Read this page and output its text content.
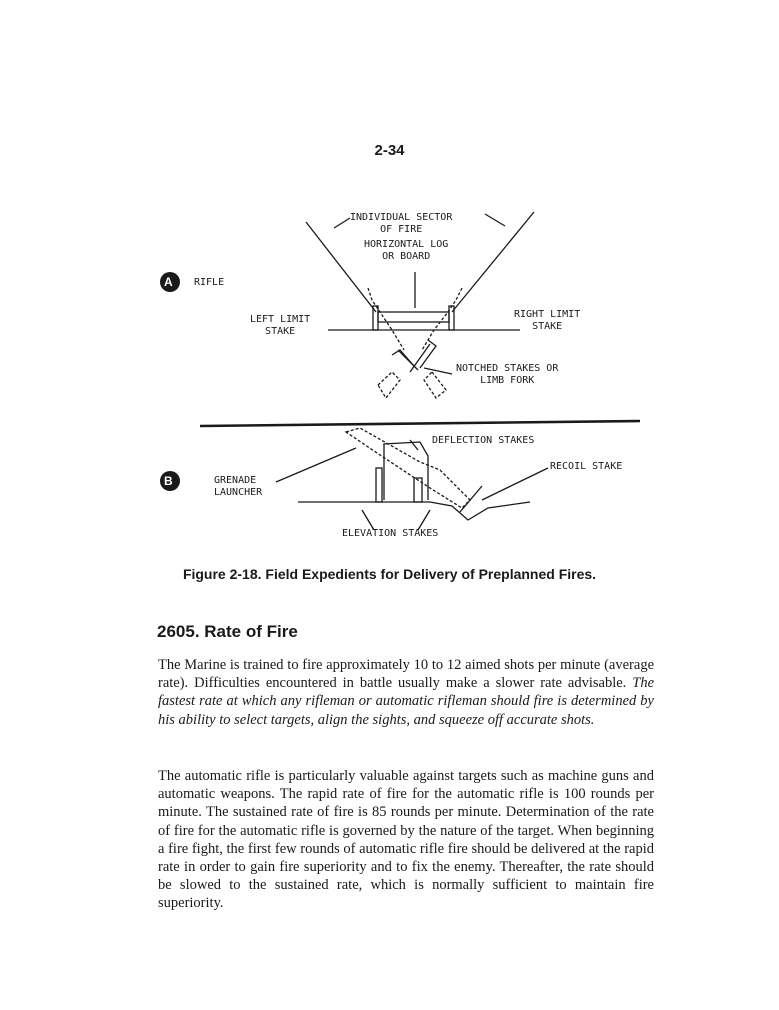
2-34
A
B
RIFLE
INDIVIDUAL SECTOR
OF FIRE
HORIZONTAL LOG
OR BOARD
LEFT LIMIT
STAKE
RIGHT LIMIT
STAKE
NOTCHED STAKES OR
LIMB FORK
GRENADE
LAUNCHER
DEFLECTION STAKES
RECOIL STAKE
ELEVATION STAKES
Figure 2-18. Field Expedients for Delivery of Preplanned Fires.
2605. Rate of Fire
The Marine is trained to fire approximately 10 to 12 aimed shots per minute (average rate). Difficulties encountered in battle usually make a slower rate advisable. The fastest rate at which any rifleman or automatic rifleman should fire is determined by his ability to select targets, align the sights, and squeeze off accurate shots.
The automatic rifle is particularly valuable against targets such as machine guns and automatic weapons. The rapid rate of fire for the automatic rifle is 100 rounds per minute. The sustained rate of fire is 85 rounds per minute. Determination of the rate of fire for the automatic rifle is governed by the nature of the target. When beginning a fire fight, the first few rounds of automatic rifle fire should be delivered at the rapid rate in order to gain fire superiority and to fix the enemy. Thereafter, the rate should be slowed to the sustained rate, which is normally sufficient to maintain fire superiority.
